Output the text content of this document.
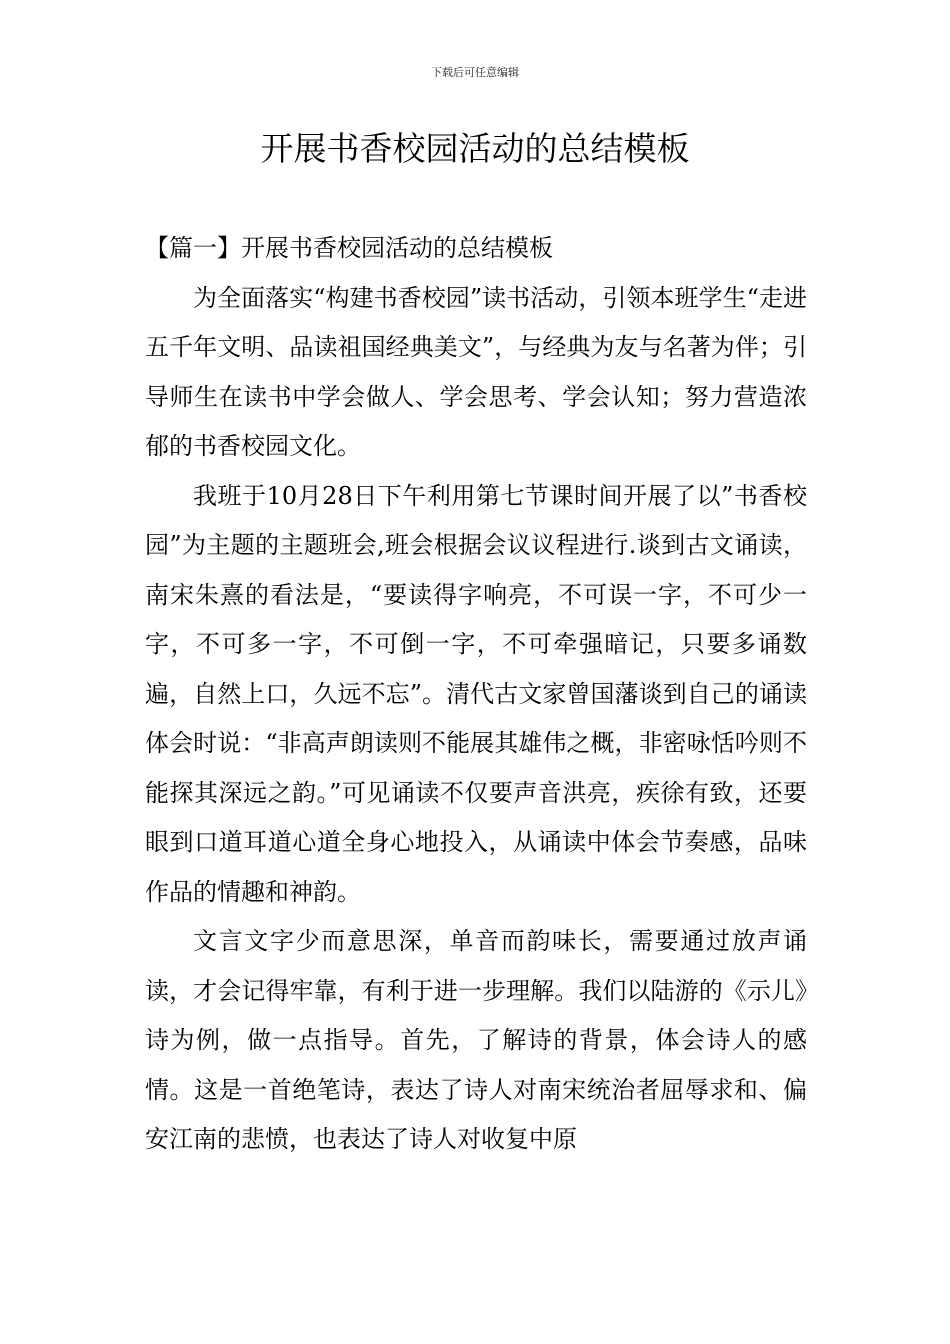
下载后可任意编辑
开展书香校园活动的总结模板
【篇一】开展书香校园活动的总结模板

为全面落实“构建书香校园”读书活动，引领本班学生“走进五千年文明、品读祖国经典美文”，与经典为友与名著为伴；引导师生在读书中学会做人、学会思考、学会认知；努力营造浓郁的书香校园文化。

我班于10月28日下午利用第七节课时间开展了以”书香校园”为主题的主题班会,班会根据会议议程进行.谈到古文诵读，南宋朱熹的看法是，“要读得字响亮，不可误一字，不可少一字，不可多一字，不可倒一字，不可牵强暗记，只要多诵数遍，自然上口，久远不忘”。清代古文家曾国藩谈到自己的诵读体会时说：“非高声朗读则不能展其雄伟之概，非密咏恬吟则不能探其深远之韵。”可见诵读不仅要声音洪亮，疾徐有致，还要眼到口道耳道心道全身心地投入，从诵读中体会节奏感，品味作品的情趣和神韵。

文言文字少而意思深，单音而韵味长，需要通过放声诵读，才会记得牢靠，有利于进一步理解。我们以陆游的《示儿》诗为例，做一点指导。首先，了解诗的背景，体会诗人的感情。这是一首绝笔诗，表达了诗人对南宋统治者屈辱求和、偏安江南的悲愤，也表达了诗人对收复中原
